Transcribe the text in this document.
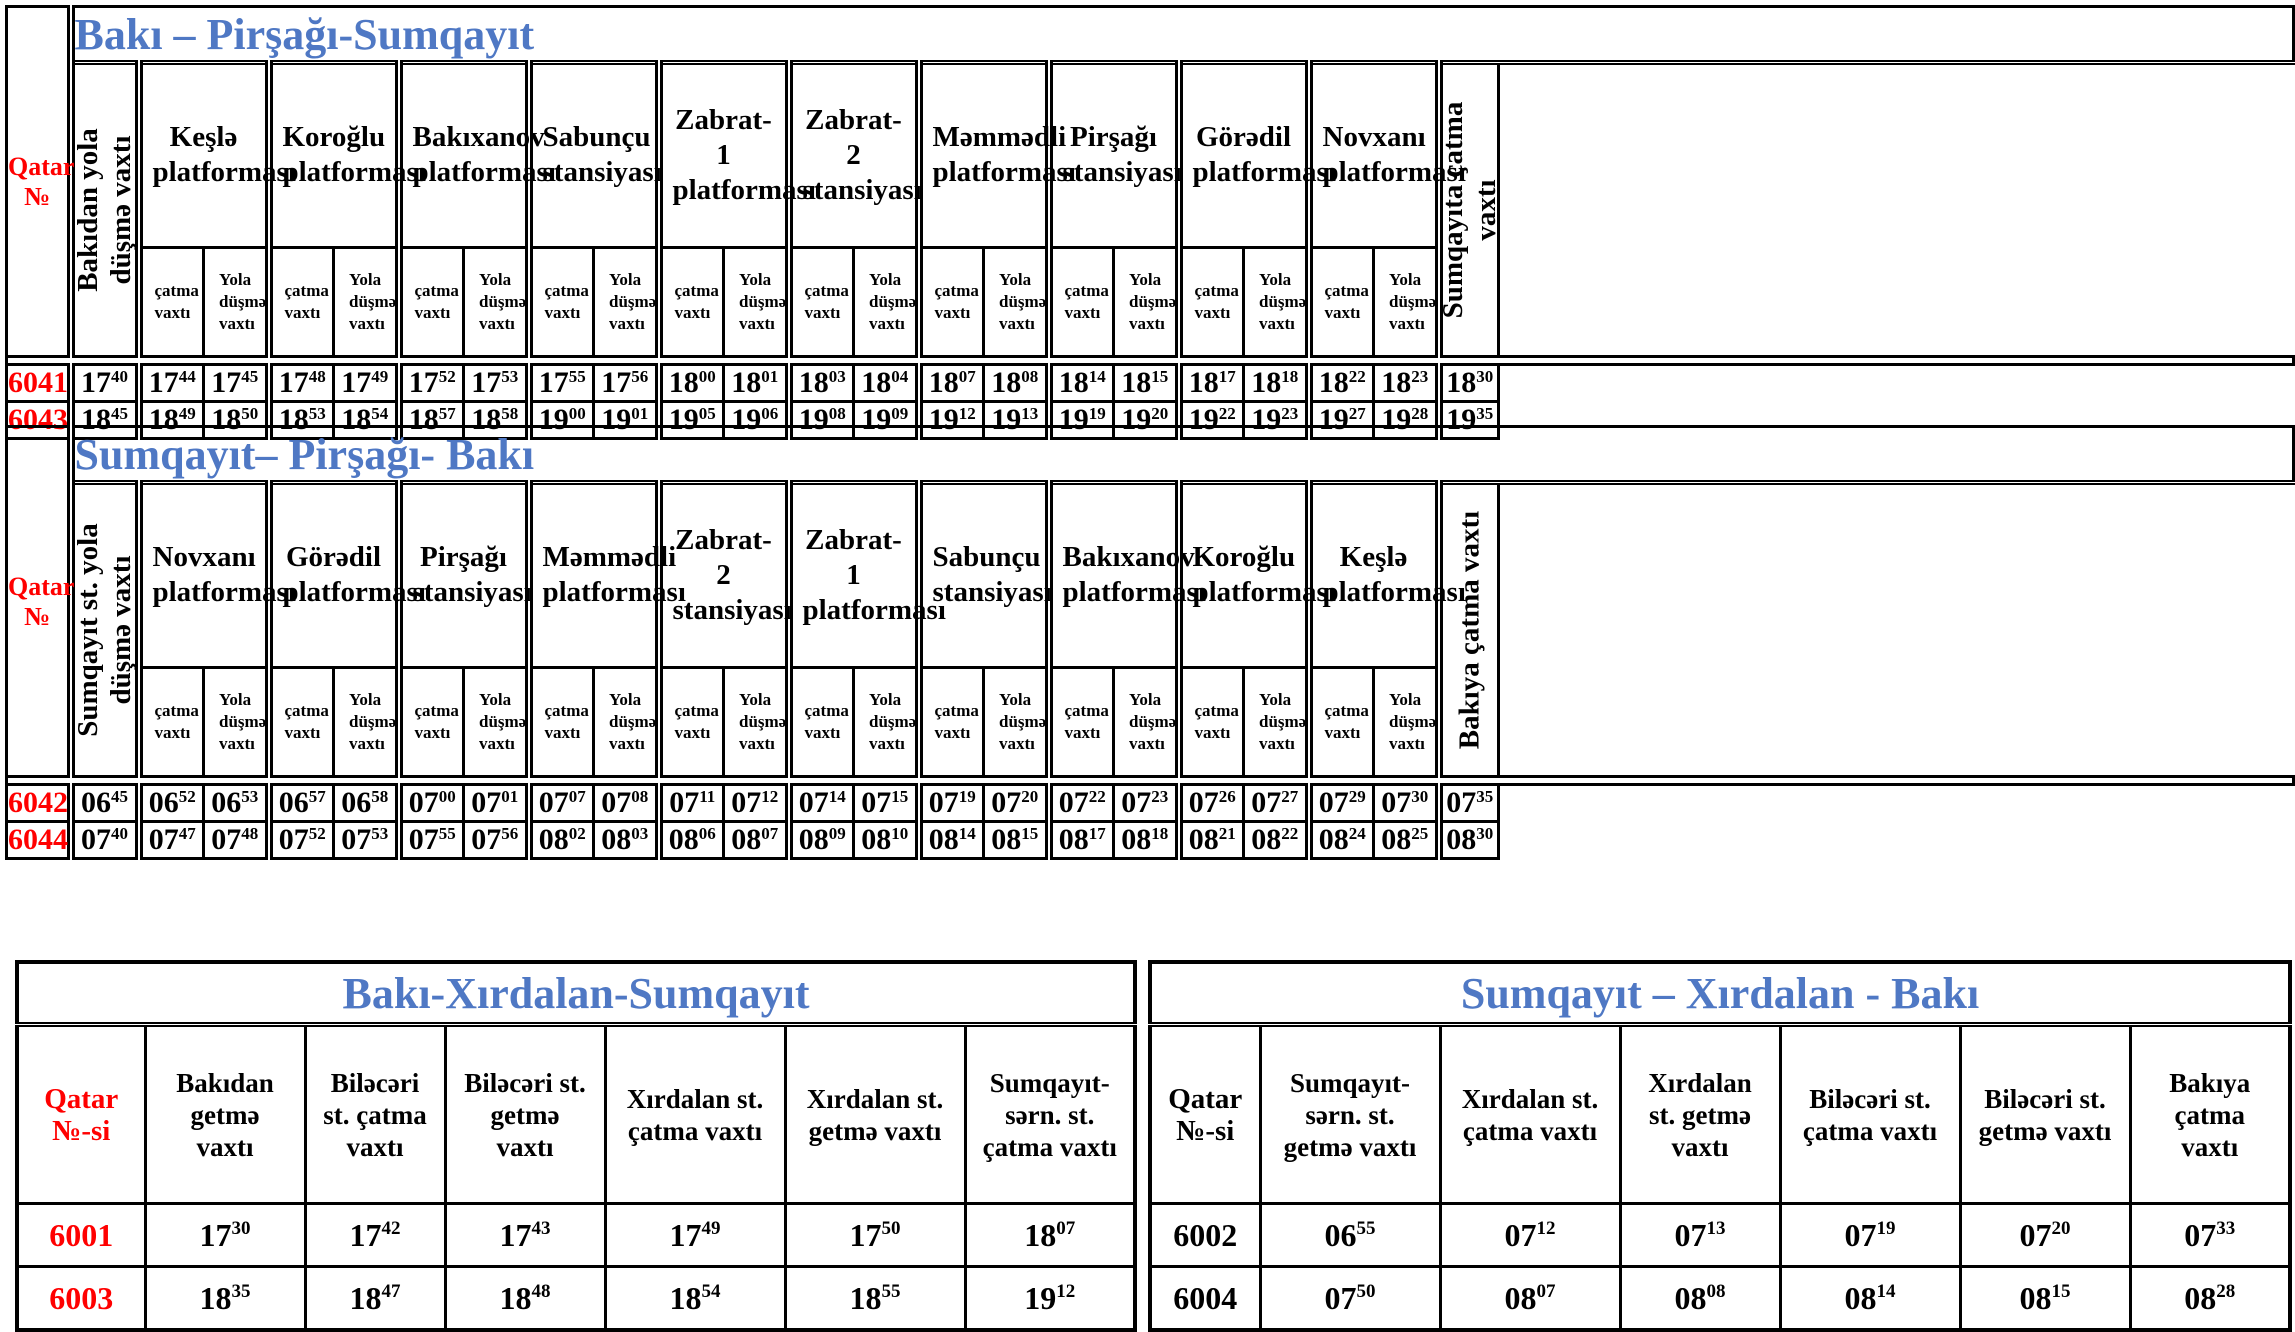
Qatar №	Bakı – Pirşağı-Sumqayıt																					

	Bakıdan yola düşmə vaxtı	Keşlə platforması		Koroğlu platforması		Bakıxanov platforması		Sabunçu stansiyası		Zabrat-1 platforması		Zabrat-2 stansiyası		Məmmədli platforması		Pirşağı stansiyası		Görədil platforması		Novxanı platforması		Sumqayıta çatma vaxtı

		çatma vaxtı	Yola düşmə vaxtı	çatma vaxtı	Yola düşmə vaxtı	çatma vaxtı	Yola düşmə vaxtı	çatma vaxtı	Yola düşmə vaxtı	çatma vaxtı	Yola düşmə vaxtı	çatma vaxtı	Yola düşmə vaxtı	çatma vaxtı	Yola düşmə vaxtı	çatma vaxtı	Yola düşmə vaxtı	çatma vaxtı	Yola düşmə vaxtı	çatma vaxtı	Yola düşmə vaxtı	

6041	$17^{40}$	$17^{44}$	$17^{45}$	$17^{48}$	$17^{49}$	$17^{52}$	$17^{53}$	$17^{55}$	$17^{56}$	$18^{00}$	$18^{01}$	$18^{03}$	$18^{04}$	$18^{07}$	$18^{08}$	$18^{14}$	$18^{15}$	$18^{17}$	$18^{18}$	$18^{22}$	$18^{23}$	$18^{30}$
6043	$18^{45}$	$18^{49}$	$18^{50}$	$18^{53}$	$18^{54}$	$18^{57}$	$18^{58}$	$19^{00}$	$19^{01}$	$19^{05}$	$19^{06}$	$19^{08}$	$19^{09}$	$19^{12}$	$19^{13}$	$19^{19}$	$19^{20}$	$19^{22}$	$19^{23}$	$19^{27}$	$19^{28}$	$19^{35}$
Qatar №	Sumqayıt– Pirşağı- Bakı																					

	Sumqayıt st. yola düşmə vaxtı	Novxanı platforması		Görədil platforması		Pirşağı stansiyası		Məmmədli platforması		Zabrat-2 stansiyası		Zabrat-1 platforması		Sabunçu stansiyası		Bakıxanov platforması		Koroğlu platforması		Keşlə platforması		Bakıya çatma vaxtı

		çatma vaxtı	Yola düşmə vaxtı	çatma vaxtı	Yola düşmə vaxtı	çatma vaxtı	Yola düşmə vaxtı	çatma vaxtı	Yola düşmə vaxtı	çatma vaxtı	Yola düşmə vaxtı	çatma vaxtı	Yola düşmə vaxtı	çatma vaxtı	Yola düşmə vaxtı	çatma vaxtı	Yola düşmə vaxtı	çatma vaxtı	Yola düşmə vaxtı	çatma vaxtı	Yola düşmə vaxtı	

6042	$06^{45}$	$06^{52}$	$06^{53}$	$06^{57}$	$06^{58}$	$07^{00}$	$07^{01}$	$07^{07}$	$07^{08}$	$07^{11}$	$07^{12}$	$07^{14}$	$07^{15}$	$07^{19}$	$07^{20}$	$07^{22}$	$07^{23}$	$07^{26}$	$07^{27}$	$07^{29}$	$07^{30}$	$07^{35}$
6044	$07^{40}$	$07^{47}$	$07^{48}$	$07^{52}$	$07^{53}$	$07^{55}$	$07^{56}$	$08^{02}$	$08^{03}$	$08^{06}$	$08^{07}$	$08^{09}$	$08^{10}$	$08^{14}$	$08^{15}$	$08^{17}$	$08^{18}$	$08^{21}$	$08^{22}$	$08^{24}$	$08^{25}$	$08^{30}$
Bakı-Xırdalan-Sumqayıt						
Qatar №-si	Bakıdan getmə vaxtı	Biləcəri st. çatma vaxtı	Biləcəri st. getmə vaxtı	Xırdalan st. çatma vaxtı	Xırdalan st. getmə vaxtı	Sumqayıt-sərn. st. çatma vaxtı
6001	$17^{30}$	$17^{42}$	$17^{43}$	$17^{49}$	$17^{50}$	$18^{07}$
6003	$18^{35}$	$18^{47}$	$18^{48}$	$18^{54}$	$18^{55}$	$19^{12}$
Sumqayıt – Xırdalan - Bakı						
Qatar №-si	Sumqayıt-sərn. st. getmə vaxtı	Xırdalan st. çatma vaxtı	Xırdalan st. getmə vaxtı	Biləcəri st. çatma vaxtı	Biləcəri st. getmə vaxtı	Bakıya çatma vaxtı
6002	$06^{55}$	$07^{12}$	$07^{13}$	$07^{19}$	$07^{20}$	$07^{33}$
6004	$07^{50}$	$08^{07}$	$08^{08}$	$08^{14}$	$08^{15}$	$08^{28}$
